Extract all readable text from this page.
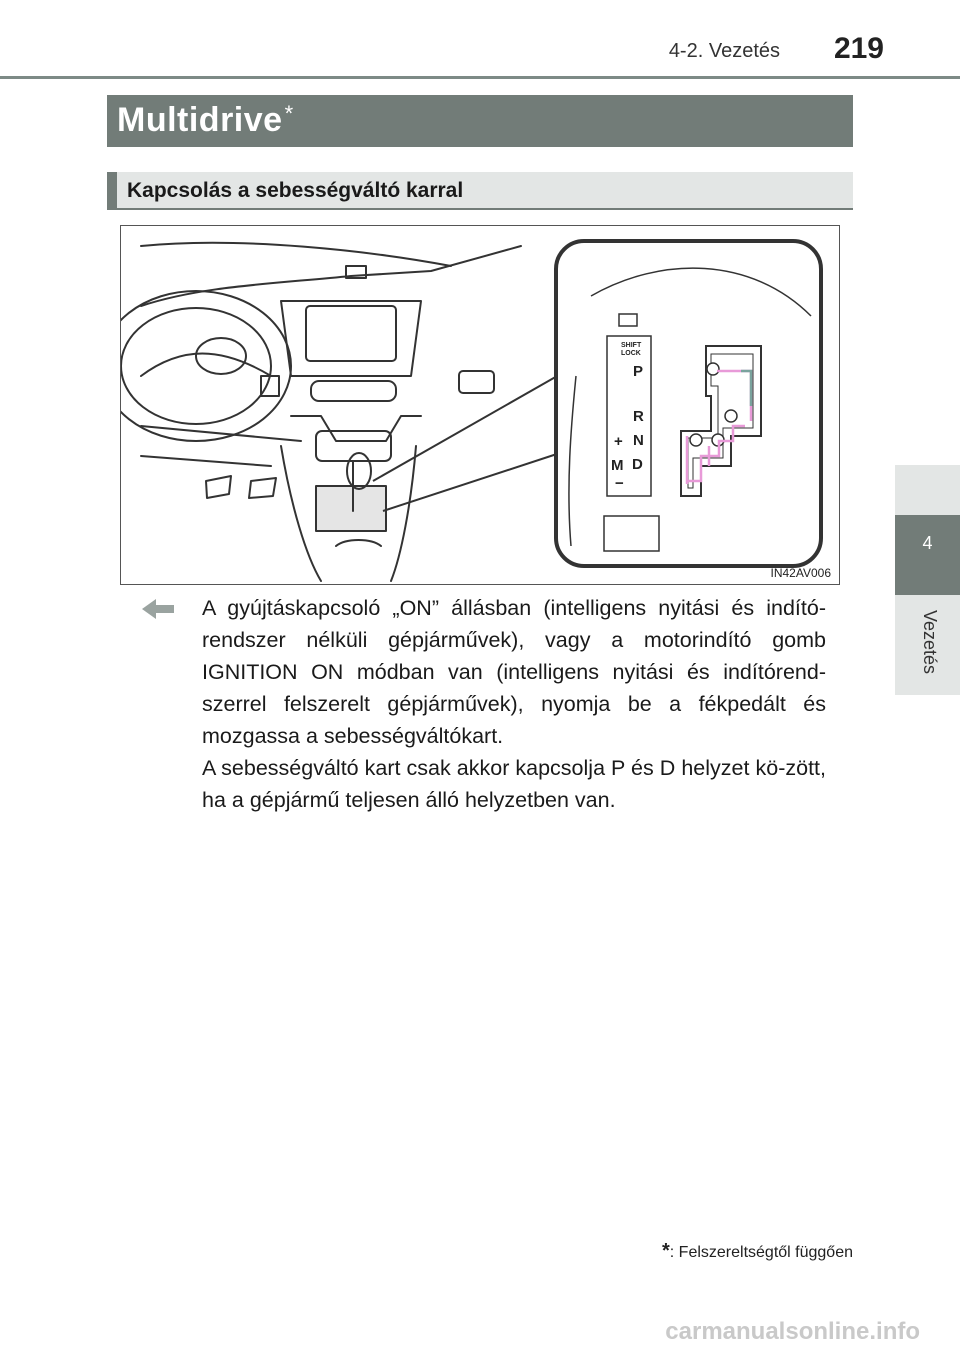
4-2. Vezetés 219
Multidrive*
Kapcsolás a sebességváltó karral
SHIFT
LOCK
P
R
N
D
+
M
−
IN42AV006

A gyújtáskapcsoló „ON” állásban (intelligens nyitási és indító-rendszer nélküli gépjárművek), vagy a motorindító gomb IGNITION ON módban van (intelligens nyitási és indítórend-szerrel felszerelt gépjárművek), nyomja be a fékpedált és mozgassa a sebességváltókart.

A sebességváltó kart csak akkor kapcsolja P és D helyzet kö-zött, ha a gépjármű teljesen álló helyzetben van.

4
Vezetés
*: Felszereltségtől függően
carmanualsonline.info
